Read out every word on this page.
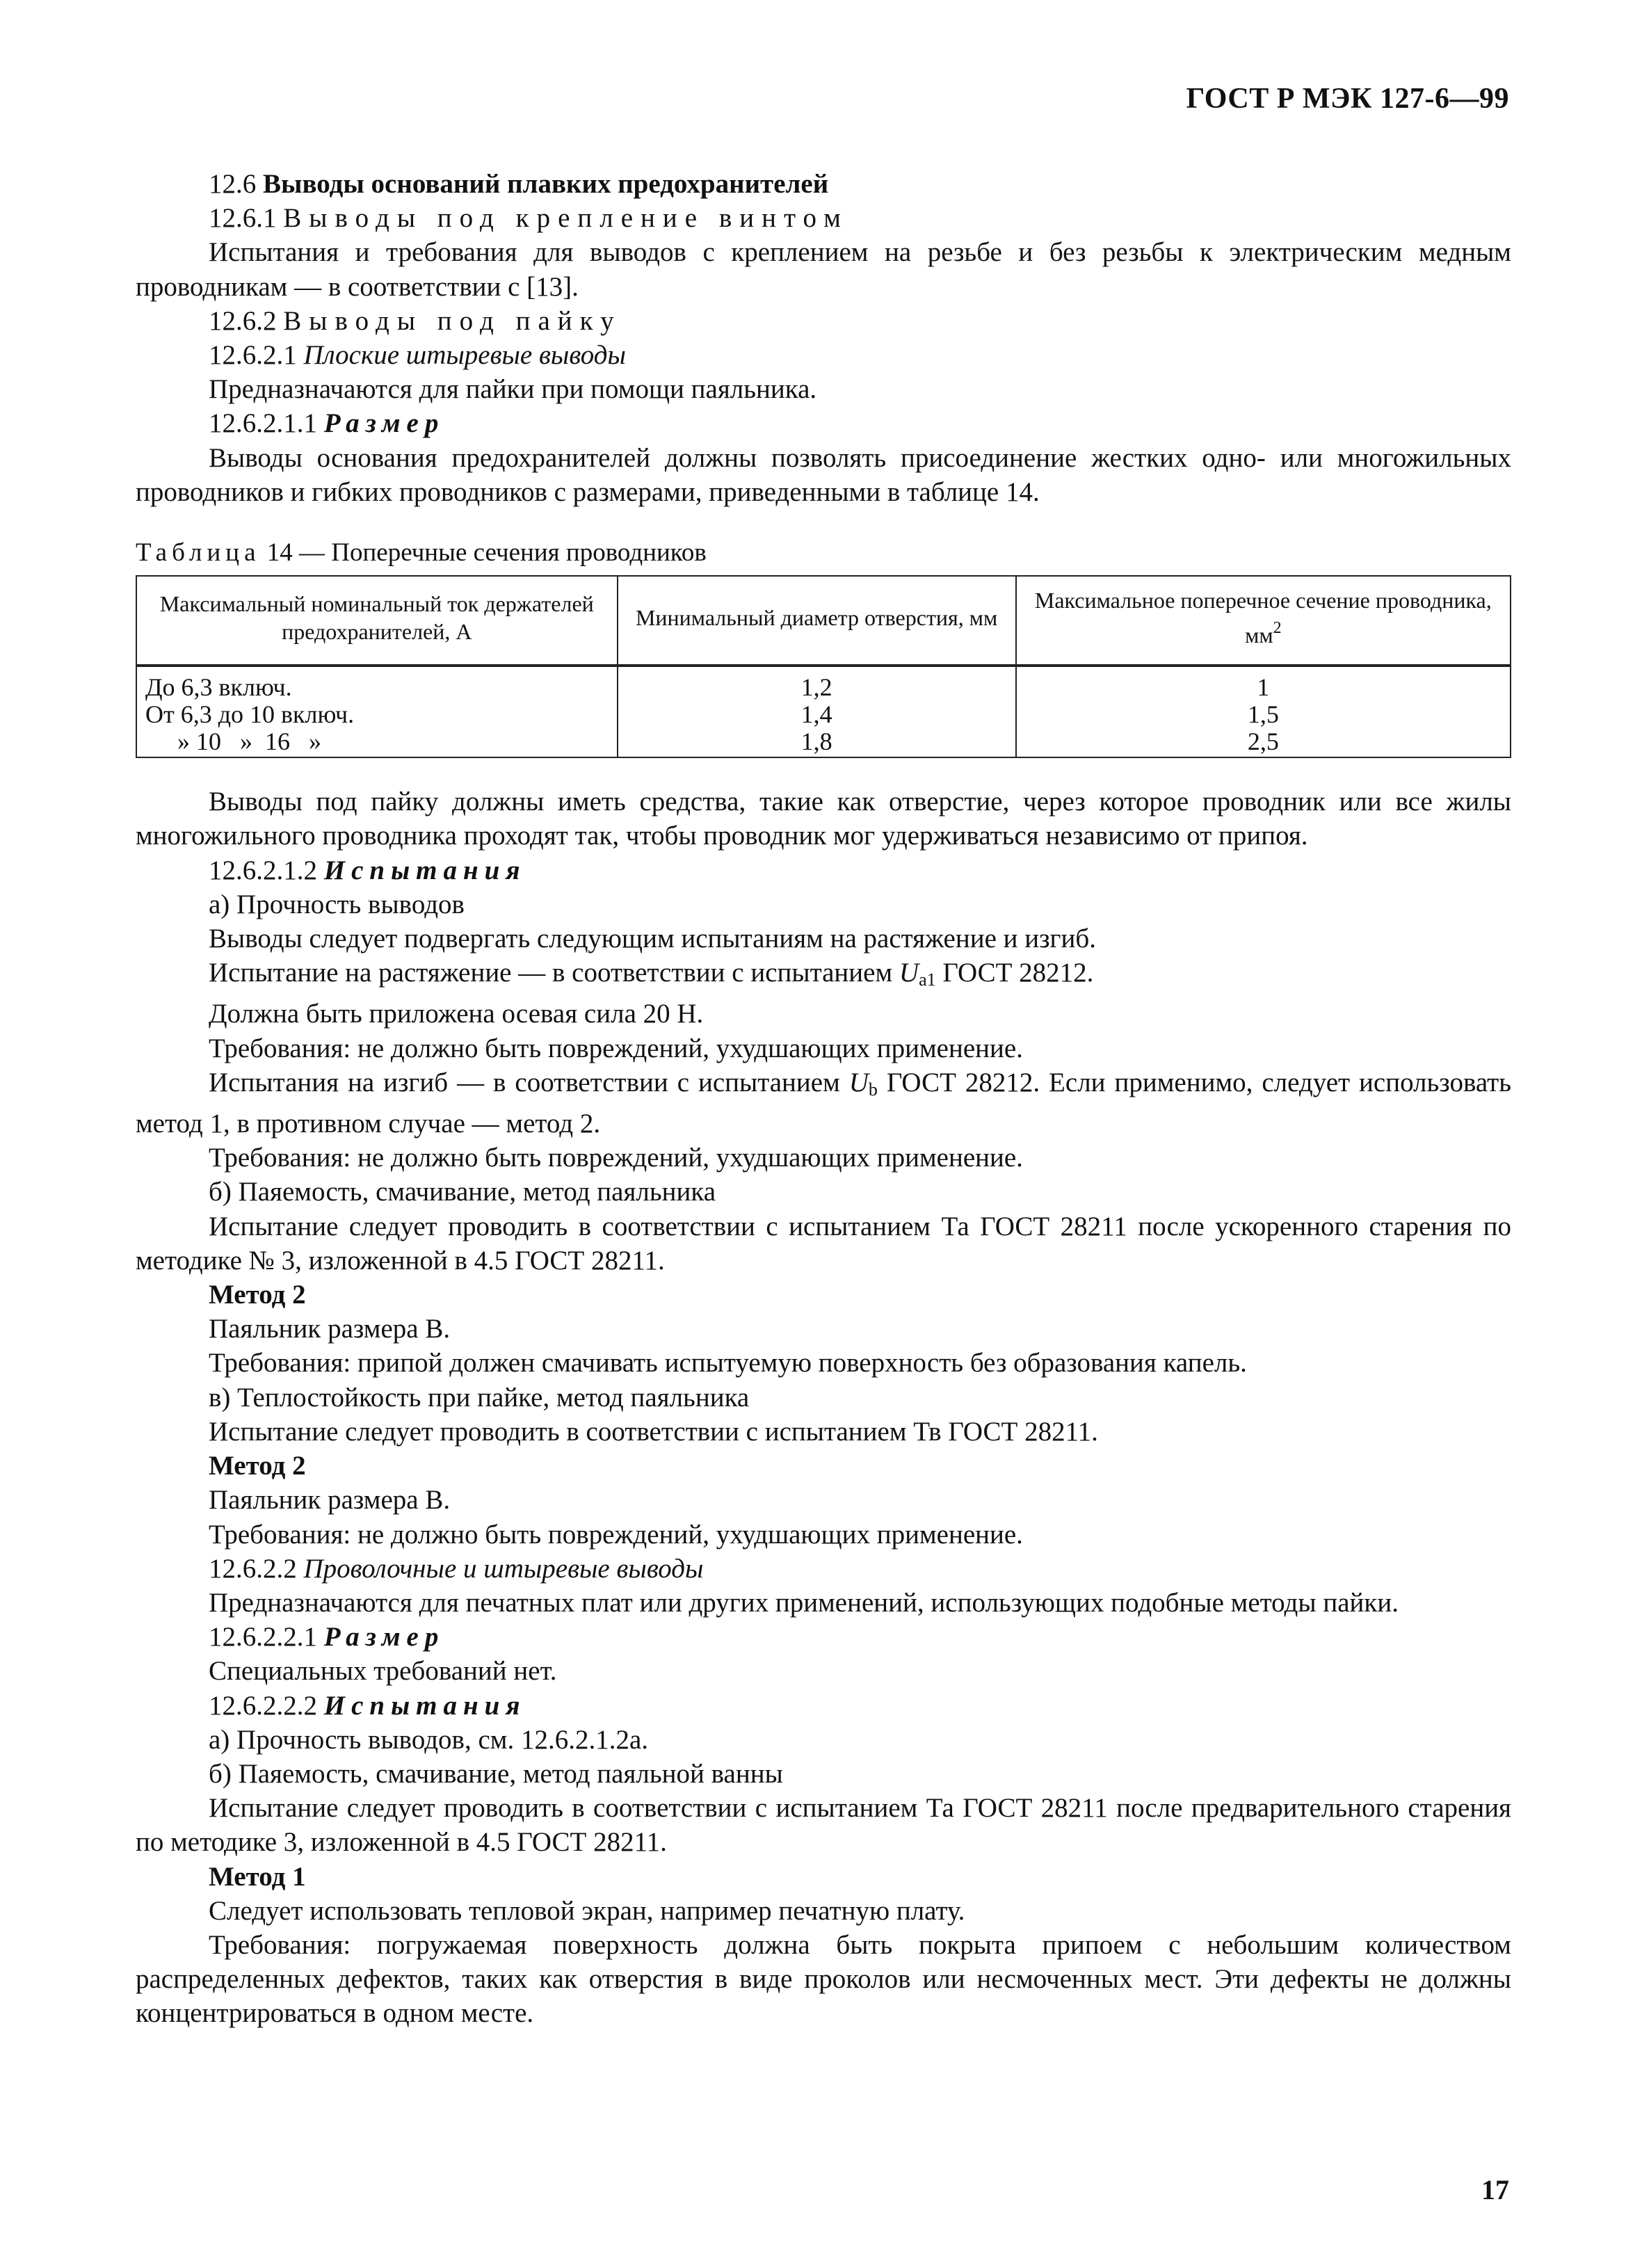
ГОСТ Р МЭК 127-6—99

12.6 Выводы оснований плавких предохранителей

12.6.1 Выводы под крепление винтом

Испытания и требования для выводов с креплением на резьбе и без резьбы к электрическим медным проводникам — в соответствии с [13].

12.6.2 Выводы под пайку

12.6.2.1 Плоские штыревые выводы

Предназначаются для пайки при помощи паяльника.

12.6.2.1.1 Размер

Выводы основания предохранителей должны позволять присоединение жестких одно- или многожильных проводников и гибких проводников с размерами, приведенными в таблице 14.

Таблица 14 — Поперечные сечения проводников
Максимальный номинальный ток держателей предохранителей, А	Минимальный диаметр отверстия, мм	Максимальное поперечное сечение проводника, $мм^2$
До 6,3 включ.	1,2	1
От 6,3 до 10 включ.	1,4	1,5
» 10   »  16   »	1,8	2,5

Выводы под пайку должны иметь средства, такие как отверстие, через которое проводник или все жилы многожильного проводника проходят так, чтобы проводник мог удерживаться независимо от припоя.

12.6.2.1.2 Испытания

а) Прочность выводов

Выводы следует подвергать следующим испытаниям на растяжение и изгиб.

Испытание на растяжение — в соответствии с испытанием $U_{a1}$ ГОСТ 28212.

Должна быть приложена осевая сила 20 Н.

Требования: не должно быть повреждений, ухудшающих применение.

Испытания на изгиб — в соответствии с испытанием $U_b$ ГОСТ 28212. Если применимо, следует использовать метод 1, в противном случае — метод 2.

Требования: не должно быть повреждений, ухудшающих применение.

б) Паяемость, смачивание, метод паяльника

Испытание следует проводить в соответствии с испытанием Та ГОСТ 28211 после ускоренного старения по методике № 3, изложенной в 4.5 ГОСТ 28211.

Метод 2

Паяльник размера В.

Требования: припой должен смачивать испытуемую поверхность без образования капель.

в) Теплостойкость при пайке, метод паяльника

Испытание следует проводить в соответствии с испытанием Тв ГОСТ 28211.

Метод 2

Паяльник размера В.

Требования: не должно быть повреждений, ухудшающих применение.

12.6.2.2 Проволочные и штыревые выводы

Предназначаются для печатных плат или других применений, использующих подобные методы пайки.

12.6.2.2.1 Размер

Специальных требований нет.

12.6.2.2.2 Испытания

а) Прочность выводов, см. 12.6.2.1.2а.

б) Паяемость, смачивание, метод паяльной ванны

Испытание следует проводить в соответствии с испытанием Та ГОСТ 28211 после предварительного старения по методике 3, изложенной в 4.5 ГОСТ 28211.

Метод 1

Следует использовать тепловой экран, например печатную плату.

Требования: погружаемая поверхность должна быть покрыта припоем с небольшим количеством распределенных дефектов, таких как отверстия в виде проколов или несмоченных мест. Эти дефекты не должны концентрироваться в одном месте.

17
